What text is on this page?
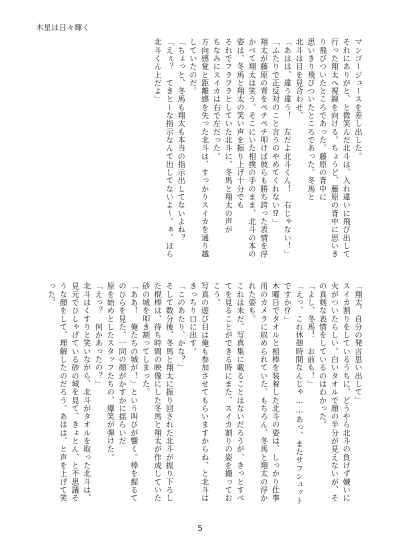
木星は日々輝く

マンゴージュースを差し出した。

それにありがと、と微笑んだ北斗は、入れ違いに飛び出して行った翔太へ視線を向ける。ちょうど、藤原の背中に思いきり飛びついたところであった。藤原の背中に

思いきり飛びついたところであった。冬馬と

北斗は目を見合わせ、

「あはは、違う違う！　左だよ北斗くん！　右じゃない！」

「ふたりで正反対のこと言うのやめてくれない⁉」

翔太が藤原の背をペチペチ叩けば彼らも勝ち誇った表情を浮かべて翔太は笑う。そこにいた相撲の手のまま、北斗の本の姿は、冬馬と翔太の笑い声を振り上げ十分でも

それでフラフラとしていた北斗に、冬馬と翔太の声が

ちなみにスイカは右で左だった。

方向感覚と距離感を失った北斗は、すっかりスイカを通り越していたのだ。

「ちょっと、冬馬も翔太も本当の指示出してないよね？

「えぇ？　てきとーな指示なんて出してないよ～。ぁ、ほら北斗くん上だよ」

「翔太、自分の発言思い出して」

スイカ割りをしているうちに、どうやら北斗の負けず嫌いに火がついたらしい。白いタオルで顔の半分が見えないが、その真剣な表情をしているのはわかった。

「よし、冬馬！　お前も！」

「えっ、これ休憩時間なんじゃ……あっ、またサフシュットですか⁉」

木曜日でタオルと相棒を装着した北斗の姿は、しっかり仕事用のカメラに収められていた。もちろん、冬馬と翔太の浮かれた姿も。

これは未だ、写真集に載ることはないだろうが、きっとすべてを見ることができる時にまた、スイカ割りの姿を撮っておこう。

写真の遊び目は俺も参加させてもらいますからね、と北斗はきっちり口に出す。

「このあたり、かな？」

そして数分後、冬馬と翔太に振り回された北斗が振り下ろした棍棒は、待ち時間の映像にした冬馬と翔太が作成していた砂の城を叩き割ってしまった。

「ああ！　俺たちの城が！」という叫びが響く。棒を握るてのひらを見た、一同の顔がかすかに揺らいだ

原を始めとしたスタッフたちの、爆笑が弾けた。

「えっ？　何かあったの？」

北斗はくすりと笑いながら、北斗がタオルを取った北斗は、見元でひしゃげている砂の城を見て、きょとん、と不思議そうな顔をして、理解したのだろう。あはは、と声を上げて笑った。

5
